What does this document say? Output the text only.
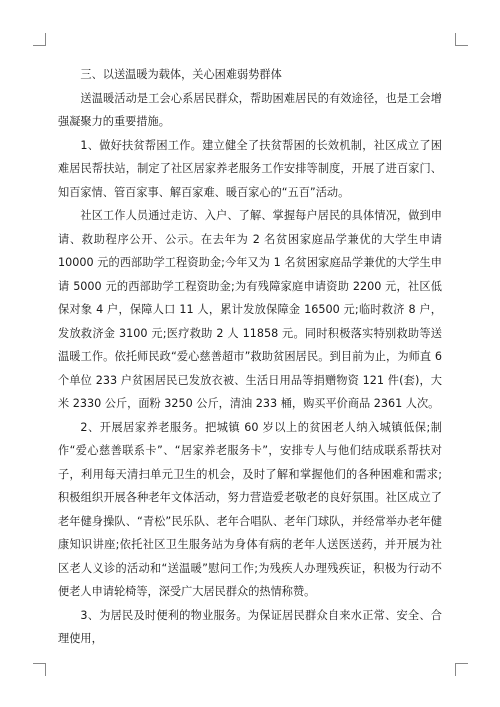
三、以送温暖为载体，关心困难弱势群体

送温暖活动是工会心系居民群众，帮助困难居民的有效途径，也是工会增强凝聚力的重要措施。

1、做好扶贫帮困工作。建立健全了扶贫帮困的长效机制，社区成立了困难居民帮扶站，制定了社区居家养老服务工作安排等制度，开展了进百家门、知百家情、管百家事、解百家难、暖百家心的“五百”活动。

社区工作人员通过走访、入户、了解、掌握每户居民的具体情况，做到申请、救助程序公开、公示。在去年为 2 名贫困家庭品学兼优的大学生申请 10000 元的西部助学工程资助金;今年又为 1 名贫困家庭品学兼优的大学生申请 5000 元的西部助学工程资助金;为有残障家庭申请资助 2200 元，社区低保对象 4 户，保障人口 11 人，累计发放保障金 16500 元;临时救济 8 户，发放救济金 3100 元;医疗救助 2 人 11858 元。同时积极落实特别救助等送温暖工作。依托师民政“爱心慈善超市”救助贫困居民。到目前为止，为师直 6 个单位 233 户贫困居民已发放衣被、生活日用品等捐赠物资 121 件(套)，大米 2330 公斤，面粉 3250 公斤，清油 233 桶，购买平价商品 2361 人次。

2、开展居家养老服务。把城镇 60 岁以上的贫困老人纳入城镇低保;制作“爱心慈善联系卡”、“居家养老服务卡”，安排专人与他们结成联系帮扶对子，利用每天清扫单元卫生的机会，及时了解和掌握他们的各种困难和需求;积极组织开展各种老年文体活动，努力营造爱老敬老的良好氛围。社区成立了老年健身操队、“青松”民乐队、老年合唱队、老年门球队，并经常举办老年健康知识讲座;依托社区卫生服务站为身体有病的老年人送医送药，并开展为社区老人义诊的活动和“送温暖”慰问工作;为残疾人办理残疾证，积极为行动不便老人申请轮椅等，深受广大居民群众的热情称赞。

3、为居民及时便利的物业服务。为保证居民群众自来水正常、安全、合理使用，
